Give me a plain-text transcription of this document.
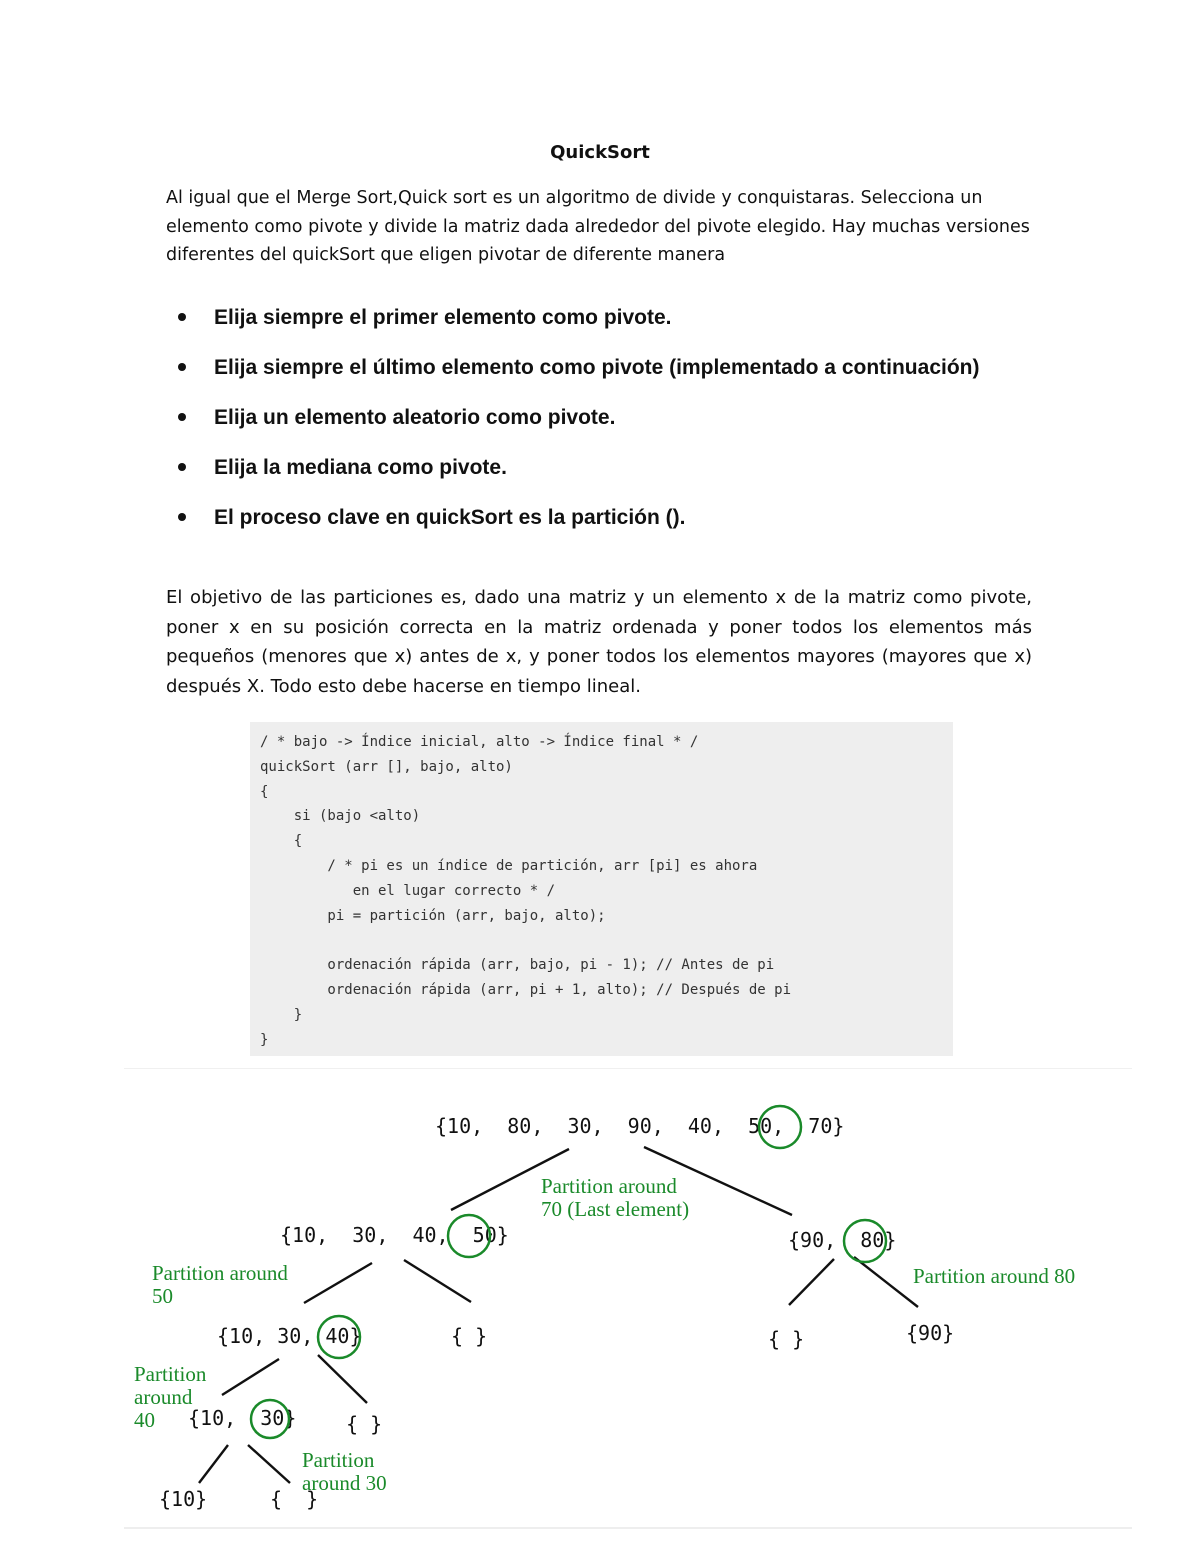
QuickSort
Al igual que el Merge Sort,Quick sort es un algoritmo de divide y conquistaras. Selecciona un elemento como pivote y divide la matriz dada alrededor del pivote elegido. Hay muchas versiones diferentes del quickSort que eligen pivotar de diferente manera
Elija siempre el primer elemento como pivote.
Elija siempre el último elemento como pivote (implementado a continuación)
Elija un elemento aleatorio como pivote.
Elija la mediana como pivote.
El proceso clave en quickSort es la partición ().
El objetivo de las particiones es, dado una matriz y un elemento x de la matriz como pivote, poner x en su posición correcta en la matriz ordenada y poner todos los elementos más pequeños (menores que x) antes de x, y poner todos los elementos mayores (mayores que x) después X. Todo esto debe hacerse en tiempo lineal.
/ * bajo -> Índice inicial, alto -> Índice final * /
quickSort (arr [], bajo, alto)
{
si (bajo <alto)
{
/ * pi es un índice de partición, arr [pi] es ahora
en el lugar correcto * /
pi = partición (arr, bajo, alto);

ordenación rápida (arr, bajo, pi - 1); // Antes de pi
ordenación rápida (arr, pi + 1, alto); // Después de pi
}
}
{10,  80,  30,  90,  40,  50,  70}
Partition around
70 (Last element)
{10,  30,  40,  50}	{90,  80}
Partition around
50
Partition around 80
{10, 30, 40}	{ }	{ }	{90}
Partition
around
40 {10,  30} { }
Partition
around 30
{10}	{  }
